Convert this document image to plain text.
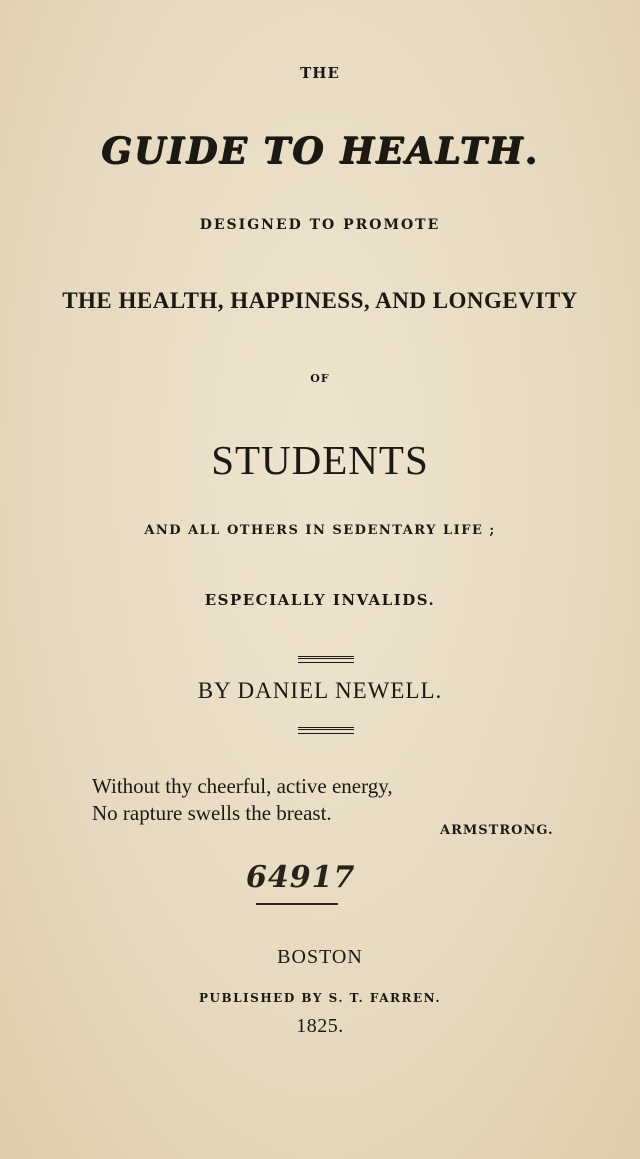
THE

GUIDE TO HEALTH.

DESIGNED TO PROMOTE

THE HEALTH, HAPPINESS, AND LONGEVITY

OF

STUDENTS

AND ALL OTHERS IN SEDENTARY LIFE ;

ESPECIALLY INVALIDS.

BY DANIEL NEWELL.

Without thy cheerful, active energy,
No rapture swells the breast.

ARMSTRONG.

64917

BOSTON

PUBLISHED BY S. T. FARREN.

1825.
